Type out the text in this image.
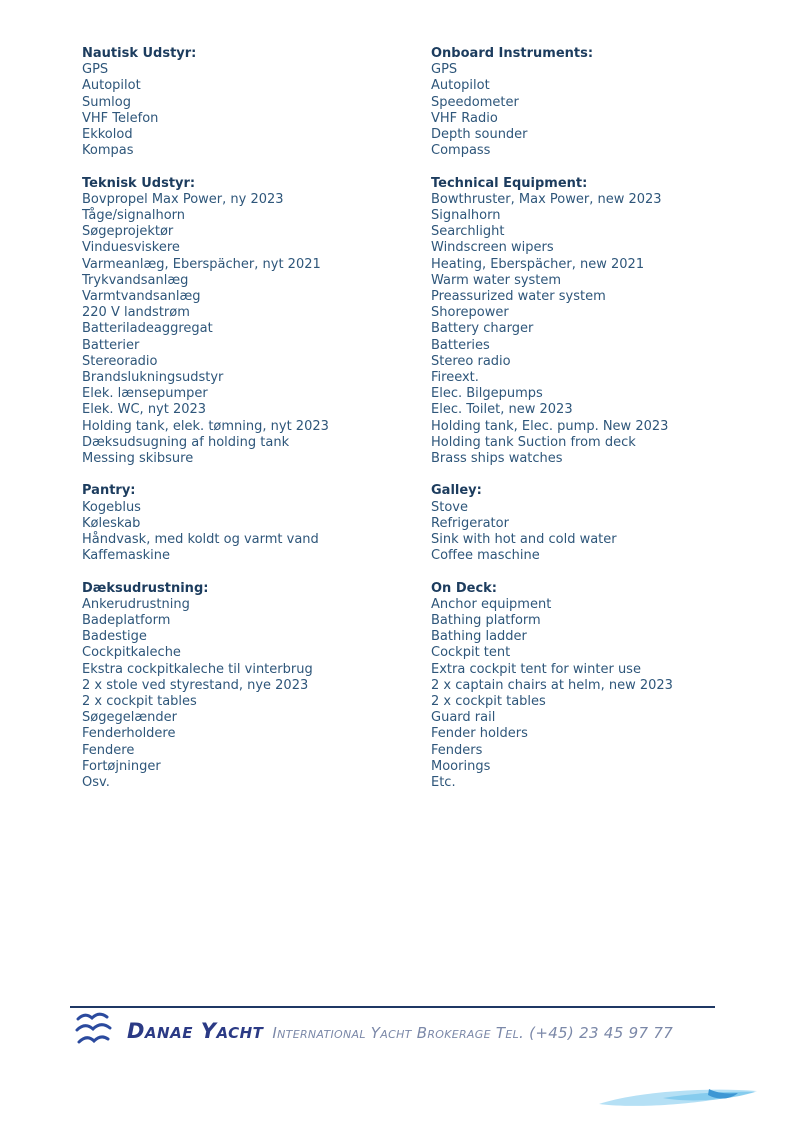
Nautisk Udstyr:
GPS
Autopilot
Sumlog
VHF Telefon
Ekkolod
Kompas
Onboard Instruments:
GPS
Autopilot
Speedometer
VHF Radio
Depth sounder
Compass
Teknisk Udstyr:
Bovpropel Max Power, ny 2023
Tåge/signalhorn
Søgeprojektør
Vinduesviskere
Varmeanlæg, Eberspächer, nyt 2021
Trykvandsanlæg
Varmtvandsanlæg
220 V landstrøm
Batteriladeaggregat
Batterier
Stereoradio
Brandslukningsudstyr
Elek. lænsepumper
Elek. WC, nyt 2023
Holding tank, elek. tømning, nyt 2023
Dæksudsugning af holding tank
Messing skibsure
Technical Equipment:
Bowthruster, Max Power, new 2023
Signalhorn
Searchlight
Windscreen wipers
Heating, Eberspächer, new 2021
Warm water system
Preassurized water system
Shorepower
Battery charger
Batteries
Stereo radio
Fireext.
Elec. Bilgepumps
Elec. Toilet, new 2023
Holding tank, Elec. pump. New 2023
Holding tank Suction from deck
Brass ships watches
Pantry:
Kogeblus
Køleskab
Håndvask, med koldt og varmt vand
Kaffemaskine
Galley:
Stove
Refrigerator
Sink with hot and cold water
Coffee maschine
Dæksudrustning:
Ankerudrustning
Badeplatform
Badestige
Cockpitkaleche
Ekstra cockpitkaleche til vinterbrug
2 x stole ved styrestand, nye 2023
2 x cockpit tables
Søgegelænder
Fenderholdere
Fendere
Fortøjninger
Osv.
On Deck:
Anchor equipment
Bathing platform
Bathing ladder
Cockpit tent
Extra cockpit tent for winter use
2 x captain chairs at helm, new 2023
2 x cockpit tables
Guard rail
Fender holders
Fenders
Moorings
Etc.
Danae Yacht International Yacht Brokerage Tel. (+45) 23 45 97 77
